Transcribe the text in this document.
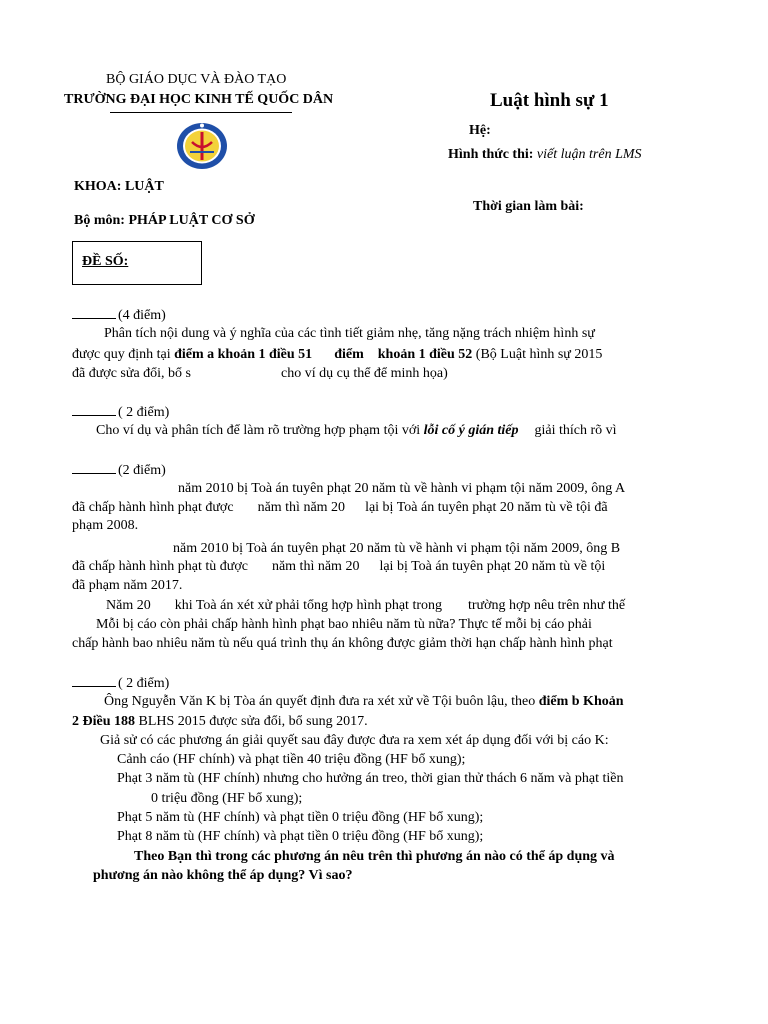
BỘ GIÁO DỤC VÀ ĐÀO TẠO
TRƯỜNG ĐẠI HỌC KINH TẾ QUỐC DÂN	Luật hình sự 1
Hệ:
Hình thức thi: viết luận trên LMS
KHOA: LUẬT
Thời gian làm bài:
Bộ môn: PHÁP LUẬT CƠ SỞ
ĐỀ SỐ:
(4 điểm)
Phân tích nội dung và ý nghĩa của các tình tiết giảm nhẹ, tăng nặng trách nhiệm hình sự
được quy định tại điểm a khoản 1 điều 51 điểm khoản 1 điều 52 (Bộ Luật hình sự 2015
đã được sửa đổi, bổ s	cho ví dụ cụ thể để minh họa)
( 2 điểm)
Cho ví dụ và phân tích để làm rõ trường hợp phạm tội với lỗi cố ý gián tiếp giải thích rõ vì
(2 điểm)
năm 2010 bị Toà án tuyên phạt 20 năm tù về hành vi phạm tội năm 2009, ông A
đã chấp hành hình phạt được năm thì năm 20 lại bị Toà án tuyên phạt 20 năm tù về tội đã
phạm 2008.
năm 2010 bị Toà án tuyên phạt 20 năm tù về hành vi phạm tội năm 2009, ông B
đã chấp hành hình phạt tù được năm thì năm 20 lại bị Toà án tuyên phạt 20 năm tù về tội
đã phạm năm 2017.
Năm 20 khi Toà án xét xử phải tổng hợp hình phạt trong trường hợp nêu trên như thế
Mỗi bị cáo còn phải chấp hành hình phạt bao nhiêu năm tù nữa? Thực tế mỗi bị cáo phải
chấp hành bao nhiêu năm tù nếu quá trình thụ án không được giảm thời hạn chấp hành hình phạt
( 2 điểm)
Ông Nguyễn Văn K bị Tòa án quyết định đưa ra xét xử về Tội buôn lậu, theo điểm b Khoản
2 Điều 188 BLHS 2015 được sửa đổi, bổ sung 2017.
Giả sử có các phương án giải quyết sau đây được đưa ra xem xét áp dụng đối với bị cáo K:
Cảnh cáo (HF chính) và phạt tiền 40 triệu đồng (HF bổ xung);
Phạt 3 năm tù (HF chính) nhưng cho hưởng án treo, thời gian thử thách 6 năm và phạt tiền
0 triệu đồng (HF bổ xung);
Phạt 5 năm tù (HF chính) và phạt tiền 0 triệu đồng (HF bổ xung);
Phạt 8 năm tù (HF chính) và phạt tiền 0 triệu đồng (HF bổ xung);
Theo Bạn thì trong các phương án nêu trên thì phương án nào có thể áp dụng và
phương án nào không thể áp dụng? Vì sao?
